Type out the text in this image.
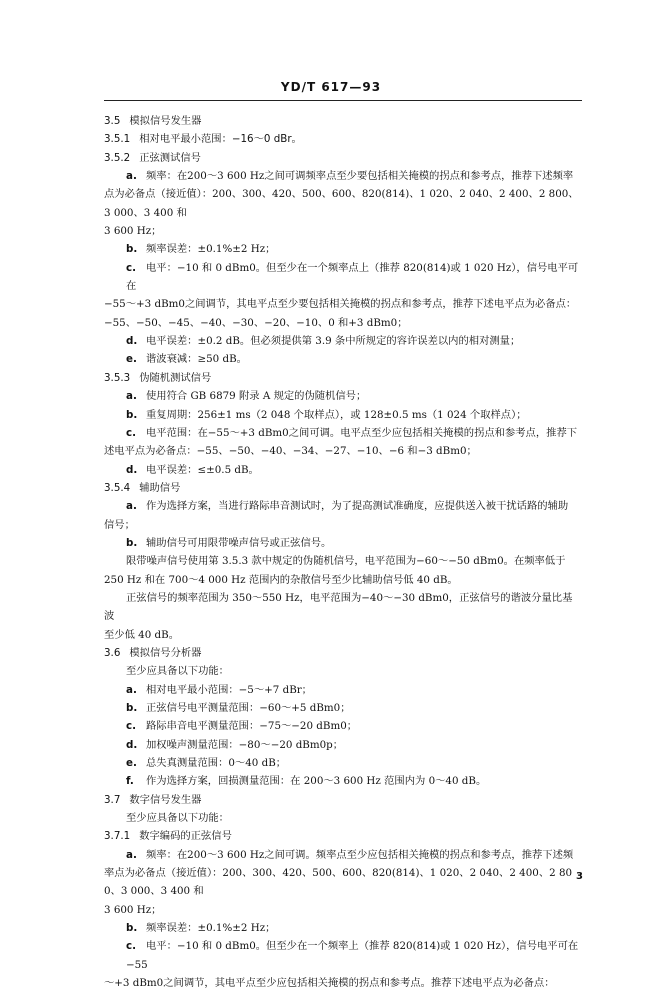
YD/T 617—93

3.5 模拟信号发生器

3.5.1 相对电平最小范围：−16～0 dBr。

3.5.2 正弦测试信号

a. 频率：在200～3 600 Hz之间可调频率点至少要包括相关掩模的拐点和参考点，推荐下述频率

点为必备点（接近值）：200、300、420、500、600、820(814)、1 020、2 040、2 400、2 800、3 000、3 400 和

3 600 Hz；

b. 频率误差：±0.1%±2 Hz；

c. 电平：−10 和 0 dBm0。但至少在一个频率点上（推荐 820(814)或 1 020 Hz），信号电平可在

−55～+3 dBm0之间调节，其电平点至少要包括相关掩模的拐点和参考点，推荐下述电平点为必备点：

−55、−50、−45、−40、−30、−20、−10、0 和+3 dBm0；

d. 电平误差：±0.2 dB。但必须提供第 3.9 条中所规定的容许误差以内的相对测量；

e. 谐波衰减：≥50 dB。

3.5.3 伪随机测试信号

a. 使用符合 GB 6879 附录 A 规定的伪随机信号；

b. 重复周期：256±1 ms（2 048 个取样点），或 128±0.5 ms（1 024 个取样点）；

c. 电平范围：在−55～+3 dBm0之间可调。电平点至少应包括相关掩模的拐点和参考点，推荐下

述电平点为必备点：−55、−50、−40、−34、−27、−10、−6 和−3 dBm0；

d. 电平误差：≤±0.5 dB。

3.5.4 辅助信号

a. 作为选择方案，当进行路际串音测试时，为了提高测试准确度，应提供送入被干扰话路的辅助

信号；

b. 辅助信号可用限带噪声信号或正弦信号。

限带噪声信号使用第 3.5.3 款中规定的伪随机信号，电平范围为−60～−50 dBm0。在频率低于

250 Hz 和在 700～4 000 Hz 范围内的杂散信号至少比辅助信号低 40 dB。

正弦信号的频率范围为 350～550 Hz，电平范围为−40～−30 dBm0，正弦信号的谐波分量比基波

至少低 40 dB。

3.6 模拟信号分析器

至少应具备以下功能：

a. 相对电平最小范围：−5～+7 dBr；

b. 正弦信号电平测量范围：−60～+5 dBm0；

c. 路际串音电平测量范围：−75～−20 dBm0；

d. 加权噪声测量范围：−80～−20 dBm0p；

e. 总失真测量范围：0～40 dB；

f. 作为选择方案，回损测量范围：在 200～3 600 Hz 范围内为 0～40 dB。

3.7 数字信号发生器

至少应具备以下功能：

3.7.1 数字编码的正弦信号

a. 频率：在200～3 600 Hz之间可调。频率点至少应包括相关掩模的拐点和参考点，推荐下述频

率点为必备点（接近值）：200、300、420、500、600、820(814)、1 020、2 040、2 400、2 800、3 000、3 400 和

3 600 Hz；

b. 频率误差：±0.1%±2 Hz；

c. 电平：−10 和 0 dBm0。但至少在一个频率上（推荐 820(814)或 1 020 Hz），信号电平可在−55

～+3 dBm0之间调节，其电平点至少应包括相关掩模的拐点和参考点。推荐下述电平点为必备点：

3
